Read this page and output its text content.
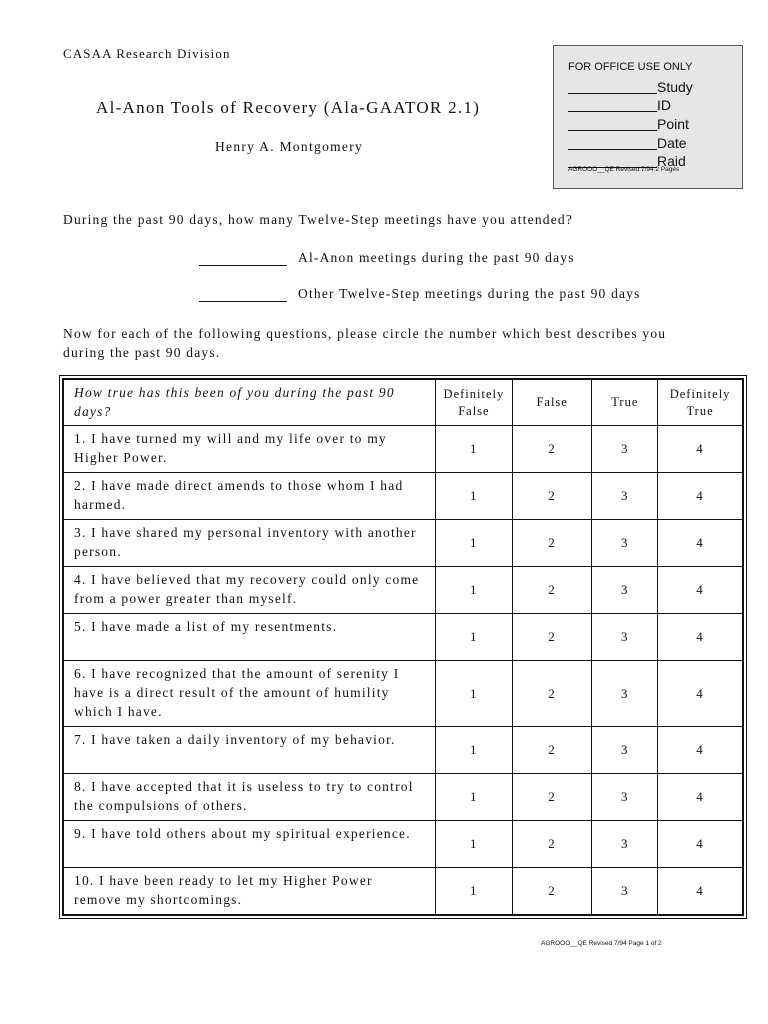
CASAA Research Division
Al-Anon Tools of Recovery (Ala-GAATOR 2.1)
Henry A. Montgomery
FOR OFFICE USE ONLY
Study
ID
Point
Date
Raid
AGROOO__QE Revised 7/94 2 Pages
During the past 90 days, how many Twelve-Step meetings have you attended?
Al-Anon meetings during the past 90 days
Other Twelve-Step meetings during the past 90 days
Now for each of the following questions, please circle the number which best describes you during the past 90 days.
How true has this been of you during the past 90 days?	Definitely False	False	True	Definitely True
1. I have turned my will and my life over to my Higher Power.	1	2	3	4
2. I have made direct amends to those whom I had harmed.	1	2	3	4
3. I have shared my personal inventory with another person.	1	2	3	4
4. I have believed that my recovery could only come from a power greater than myself.	1	2	3	4
5. I have made a list of my resentments.	1	2	3	4
6. I have recognized that the amount of serenity I have is a direct result of the amount of humility which I have.	1	2	3	4
7. I have taken a daily inventory of my behavior.	1	2	3	4
8. I have accepted that it is useless to try to control the compulsions of others.	1	2	3	4
9. I have told others about my spiritual experience.	1	2	3	4
10. I have been ready to let my Higher Power remove my shortcomings.	1	2	3	4
AGROOO__QE Revised 7/94 Page 1 of 2
